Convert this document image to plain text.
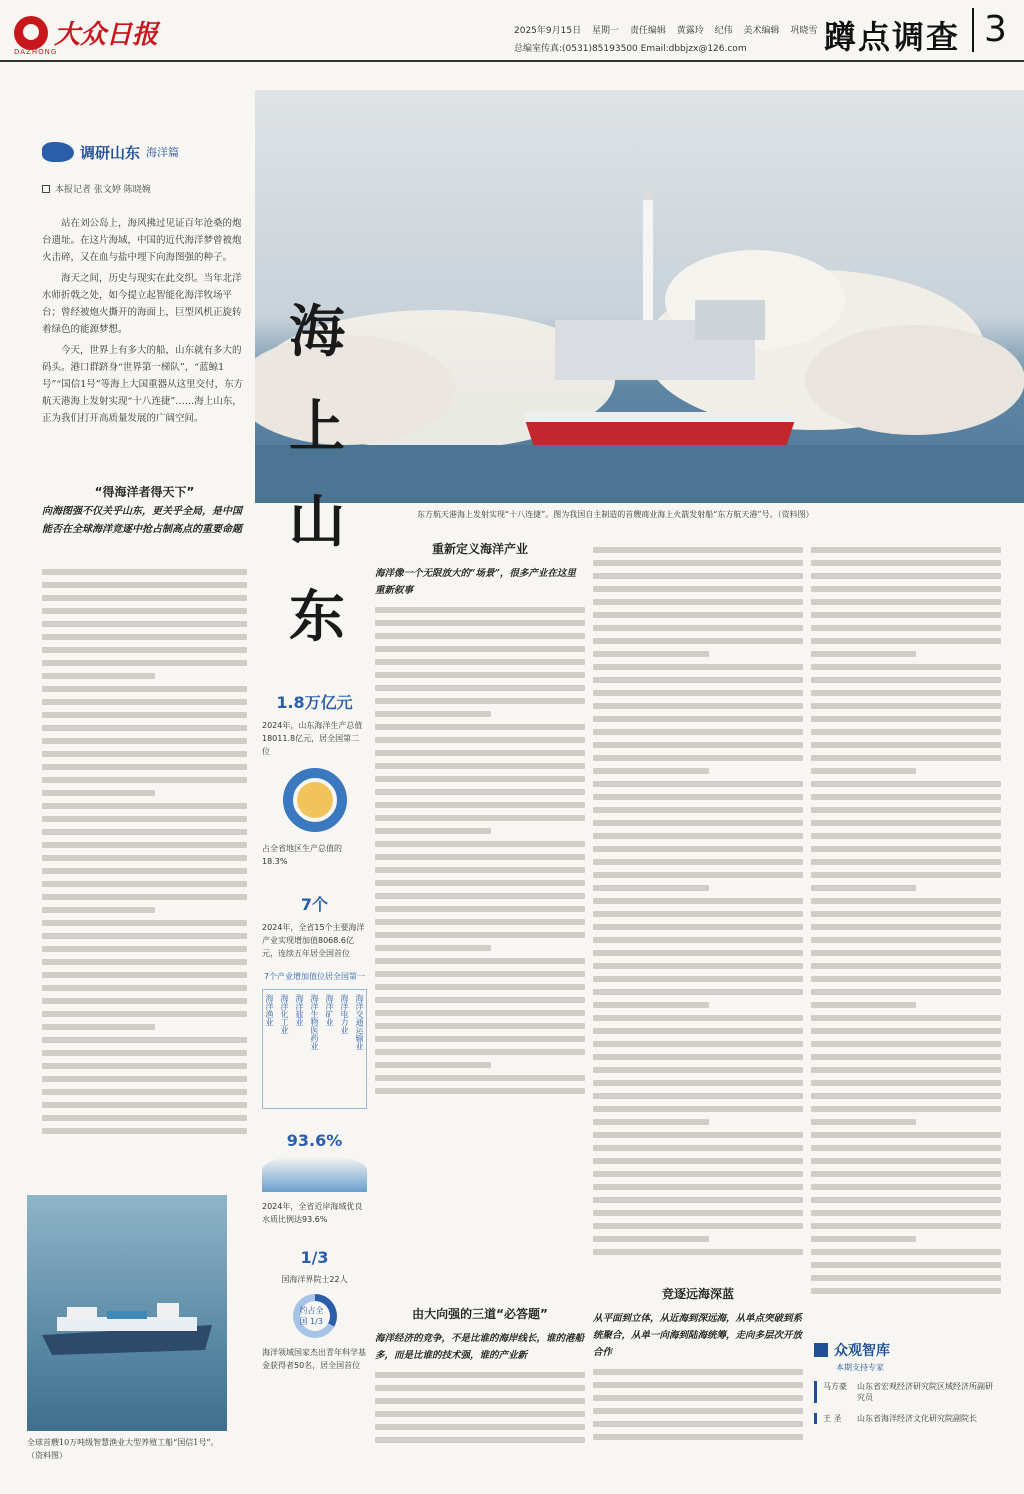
大众日报
DAZHONG
2025年9月15日 星期一 责任编辑 黄露玲 纪伟 美术编辑 巩晓雪
总编室传真:(0531)85193500 Email:dbbjzx@126.com	蹲点调查 3
调研山东 海洋篇
本报记者 张文婷 陈晓婉

站在刘公岛上，海风拂过见证百年沧桑的炮台遗址。在这片海域，中国的近代海洋梦曾被炮火击碎，又在血与盐中埋下向海图强的种子。

海天之间，历史与现实在此交织。当年北洋水师折戟之处，如今提立起智能化海洋牧场平台；曾经被炮火撕开的海面上，巨型风机正旋转着绿色的能源梦想。

今天，世界上有多大的船，山东就有多大的码头。港口群跻身“世界第一梯队”，“蓝鲸1号”“国信1号”等海上大国重器从这里交付，东方航天港海上发射实现“十八连捷”……海上山东，正为我们打开高质量发展的广阔空间。

“得海洋者得天下”
向海图强不仅关乎山东，更关乎全局，是中国能否在全球海洋竞逐中抢占制高点的重要命题
全球首艘10万吨级智慧渔业大型养殖工船“国信1号”。（资料图）
东方航天港海上发射实现“十八连捷”。图为我国自主制造的首艘商业海上火箭发射船“东方航天港”号。（资料图）
海
上
山
东
1.8万亿元
2024年，山东海洋生产总值18011.8亿元，居全国第二位
占全省地区生产总值的18.3%
7个
2024年，全省15个主要海洋产业实现增加值8068.6亿元，连续五年居全国首位
7个产业增加值位居全国第一
海洋渔业 海洋化工业 海洋盐业 海洋生物医药业 海洋矿业 海洋电力业 海洋交通运输业
93.6%
2024年，全省近岸海域优良水质比例达93.6%
1/3
国海洋界院士22人
约占全国 1/3
海洋领域国家杰出青年科学基金获得者50名，居全国首位
重新定义海洋产业
海洋像一个无限放大的“场景”，很多产业在这里重新叙事
由大向强的三道“必答题”
海洋经济的竞争，不是比谁的海岸线长，谁的港船多，而是比谁的技术强，谁的产业新
竞逐远海深蓝
从平面到立体，从近海到深远海，从单点突破到系统聚合，从单一向海到陆海统筹，走向多层次开放合作	众观智库
本期支持专家
马方豪 山东省宏观经济研究院区域经济所副研究员
王 圣	山东省海洋经济文化研究院副院长
